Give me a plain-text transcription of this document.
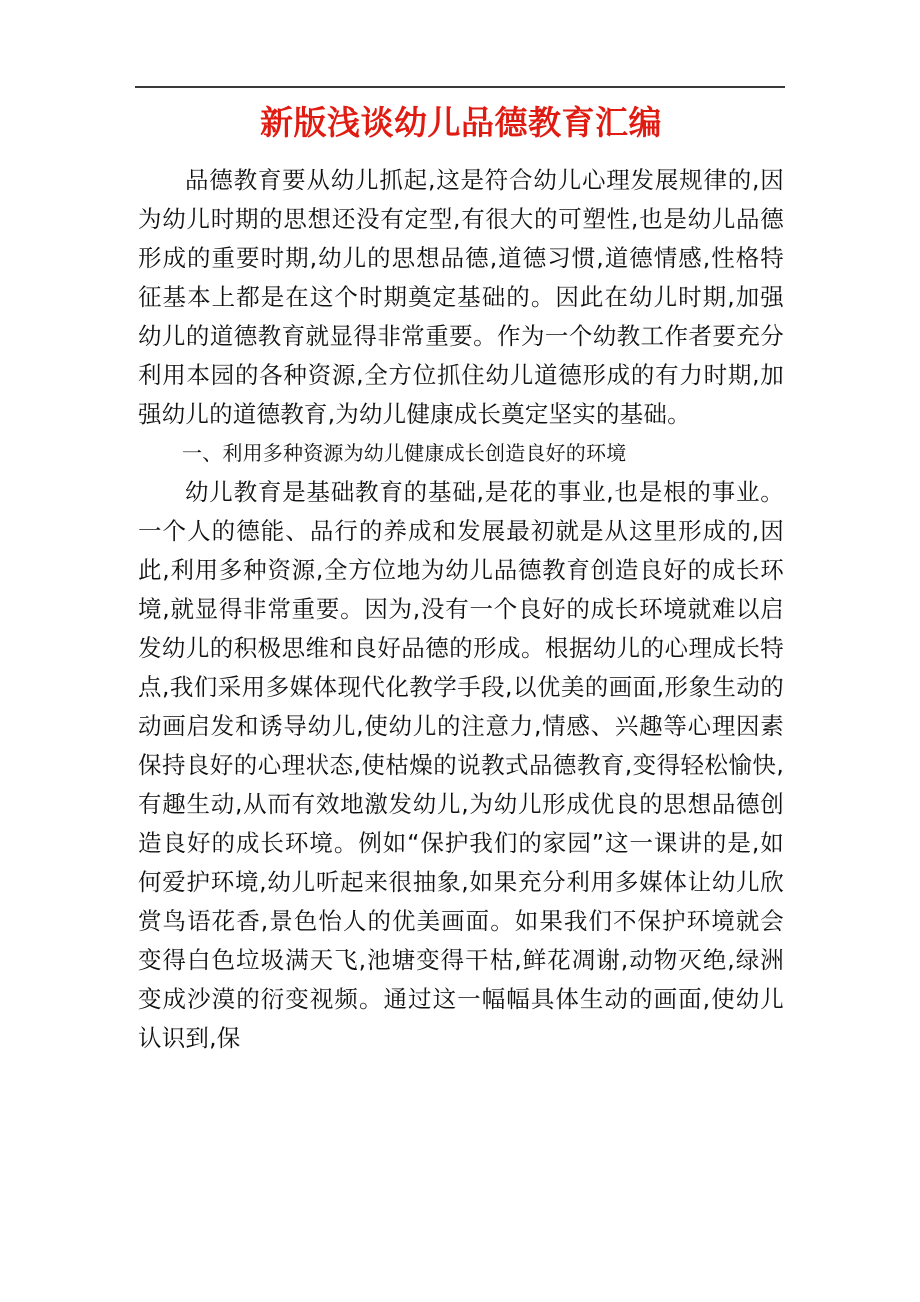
新版浅谈幼儿品德教育汇编

品德教育要从幼儿抓起,这是符合幼儿心理发展规律的,因为幼儿时期的思想还没有定型,有很大的可塑性,也是幼儿品德形成的重要时期,幼儿的思想品德,道德习惯,道德情感,性格特征基本上都是在这个时期奠定基础的。因此在幼儿时期,加强幼儿的道德教育就显得非常重要。作为一个幼教工作者要充分利用本园的各种资源,全方位抓住幼儿道德形成的有力时期,加强幼儿的道德教育,为幼儿健康成长奠定坚实的基础。

一、利用多种资源为幼儿健康成长创造良好的环境

幼儿教育是基础教育的基础,是花的事业,也是根的事业。一个人的德能、品行的养成和发展最初就是从这里形成的,因此,利用多种资源,全方位地为幼儿品德教育创造良好的成长环境,就显得非常重要。因为,没有一个良好的成长环境就难以启发幼儿的积极思维和良好品德的形成。根据幼儿的心理成长特点,我们采用多媒体现代化教学手段,以优美的画面,形象生动的动画启发和诱导幼儿,使幼儿的注意力,情感、兴趣等心理因素保持良好的心理状态,使枯燥的说教式品德教育,变得轻松愉快,有趣生动,从而有效地激发幼儿,为幼儿形成优良的思想品德创造良好的成长环境。例如“保护我们的家园”这一课讲的是,如何爱护环境,幼儿听起来很抽象,如果充分利用多媒体让幼儿欣赏鸟语花香,景色怡人的优美画面。如果我们不保护环境就会变得白色垃圾满天飞,池塘变得干枯,鲜花凋谢,动物灭绝,绿洲变成沙漠的衍变视频。通过这一幅幅具体生动的画面,使幼儿认识到,保
